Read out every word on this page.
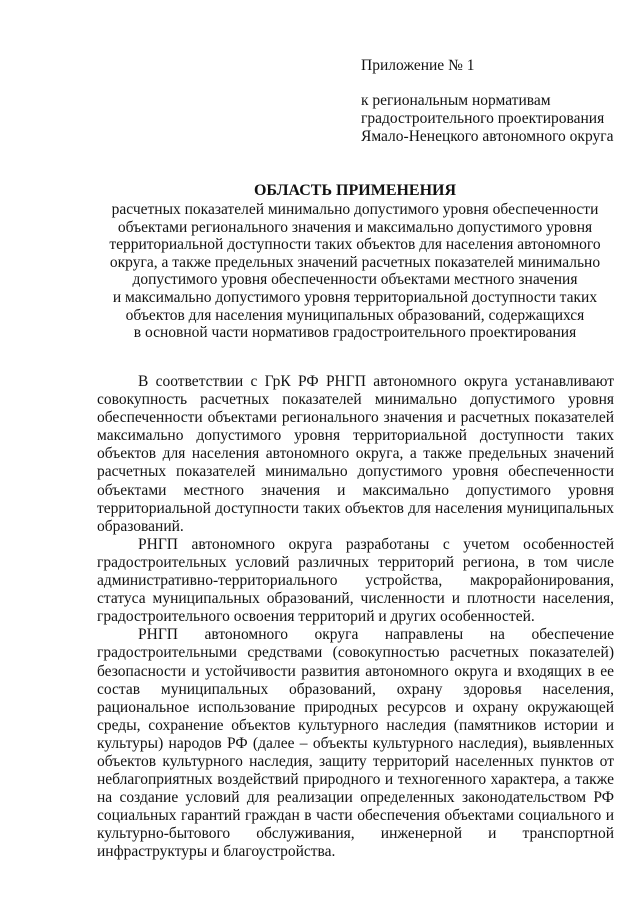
Приложение № 1

к региональным нормативам

градостроительного проектирования

Ямало-Ненецкого автономного округа

ОБЛАСТЬ ПРИМЕНЕНИЯ

расчетных показателей минимально допустимого уровня обеспеченности

объектами регионального значения и максимально допустимого уровня

территориальной доступности таких объектов для населения автономного

округа, а также предельных значений расчетных показателей минимально

допустимого уровня обеспеченности объектами местного значения

и максимально допустимого уровня территориальной доступности таких

объектов для населения муниципальных образований, содержащихся

в основной части нормативов градостроительного проектирования

В соответствии с ГрК РФ РНГП автономного округа устанавливают совокупность расчетных показателей минимально допустимого уровня обеспеченности объектами регионального значения и расчетных показателей максимально допустимого уровня территориальной доступности таких объектов для населения автономного округа, а также предельных значений расчетных показателей минимально допустимого уровня обеспеченности объектами местного значения и максимально допустимого уровня территориальной доступности таких объектов для населения муниципальных образований.

РНГП автономного округа разработаны с учетом особенностей градостроительных условий различных территорий региона, в том числе административно-территориального устройства, макрорайонирования, статуса муниципальных образований, численности и плотности населения, градостроительного освоения территорий и других особенностей.

РНГП автономного округа направлены на обеспечение градостроительными средствами (совокупностью расчетных показателей) безопасности и устойчивости развития автономного округа и входящих в ее состав муниципальных образований, охрану здоровья населения, рациональное использование природных ресурсов и охрану окружающей среды, сохранение объектов культурного наследия (памятников истории и культуры) народов РФ (далее – объекты культурного наследия), выявленных объектов культурного наследия, защиту территорий населенных пунктов от неблагоприятных воздействий природного и техногенного характера, а также на создание условий для реализации определенных законодательством РФ социальных гарантий граждан в части обеспечения объектами социального и культурно-бытового обслуживания, инженерной и транспортной инфраструктуры и благоустройства.
